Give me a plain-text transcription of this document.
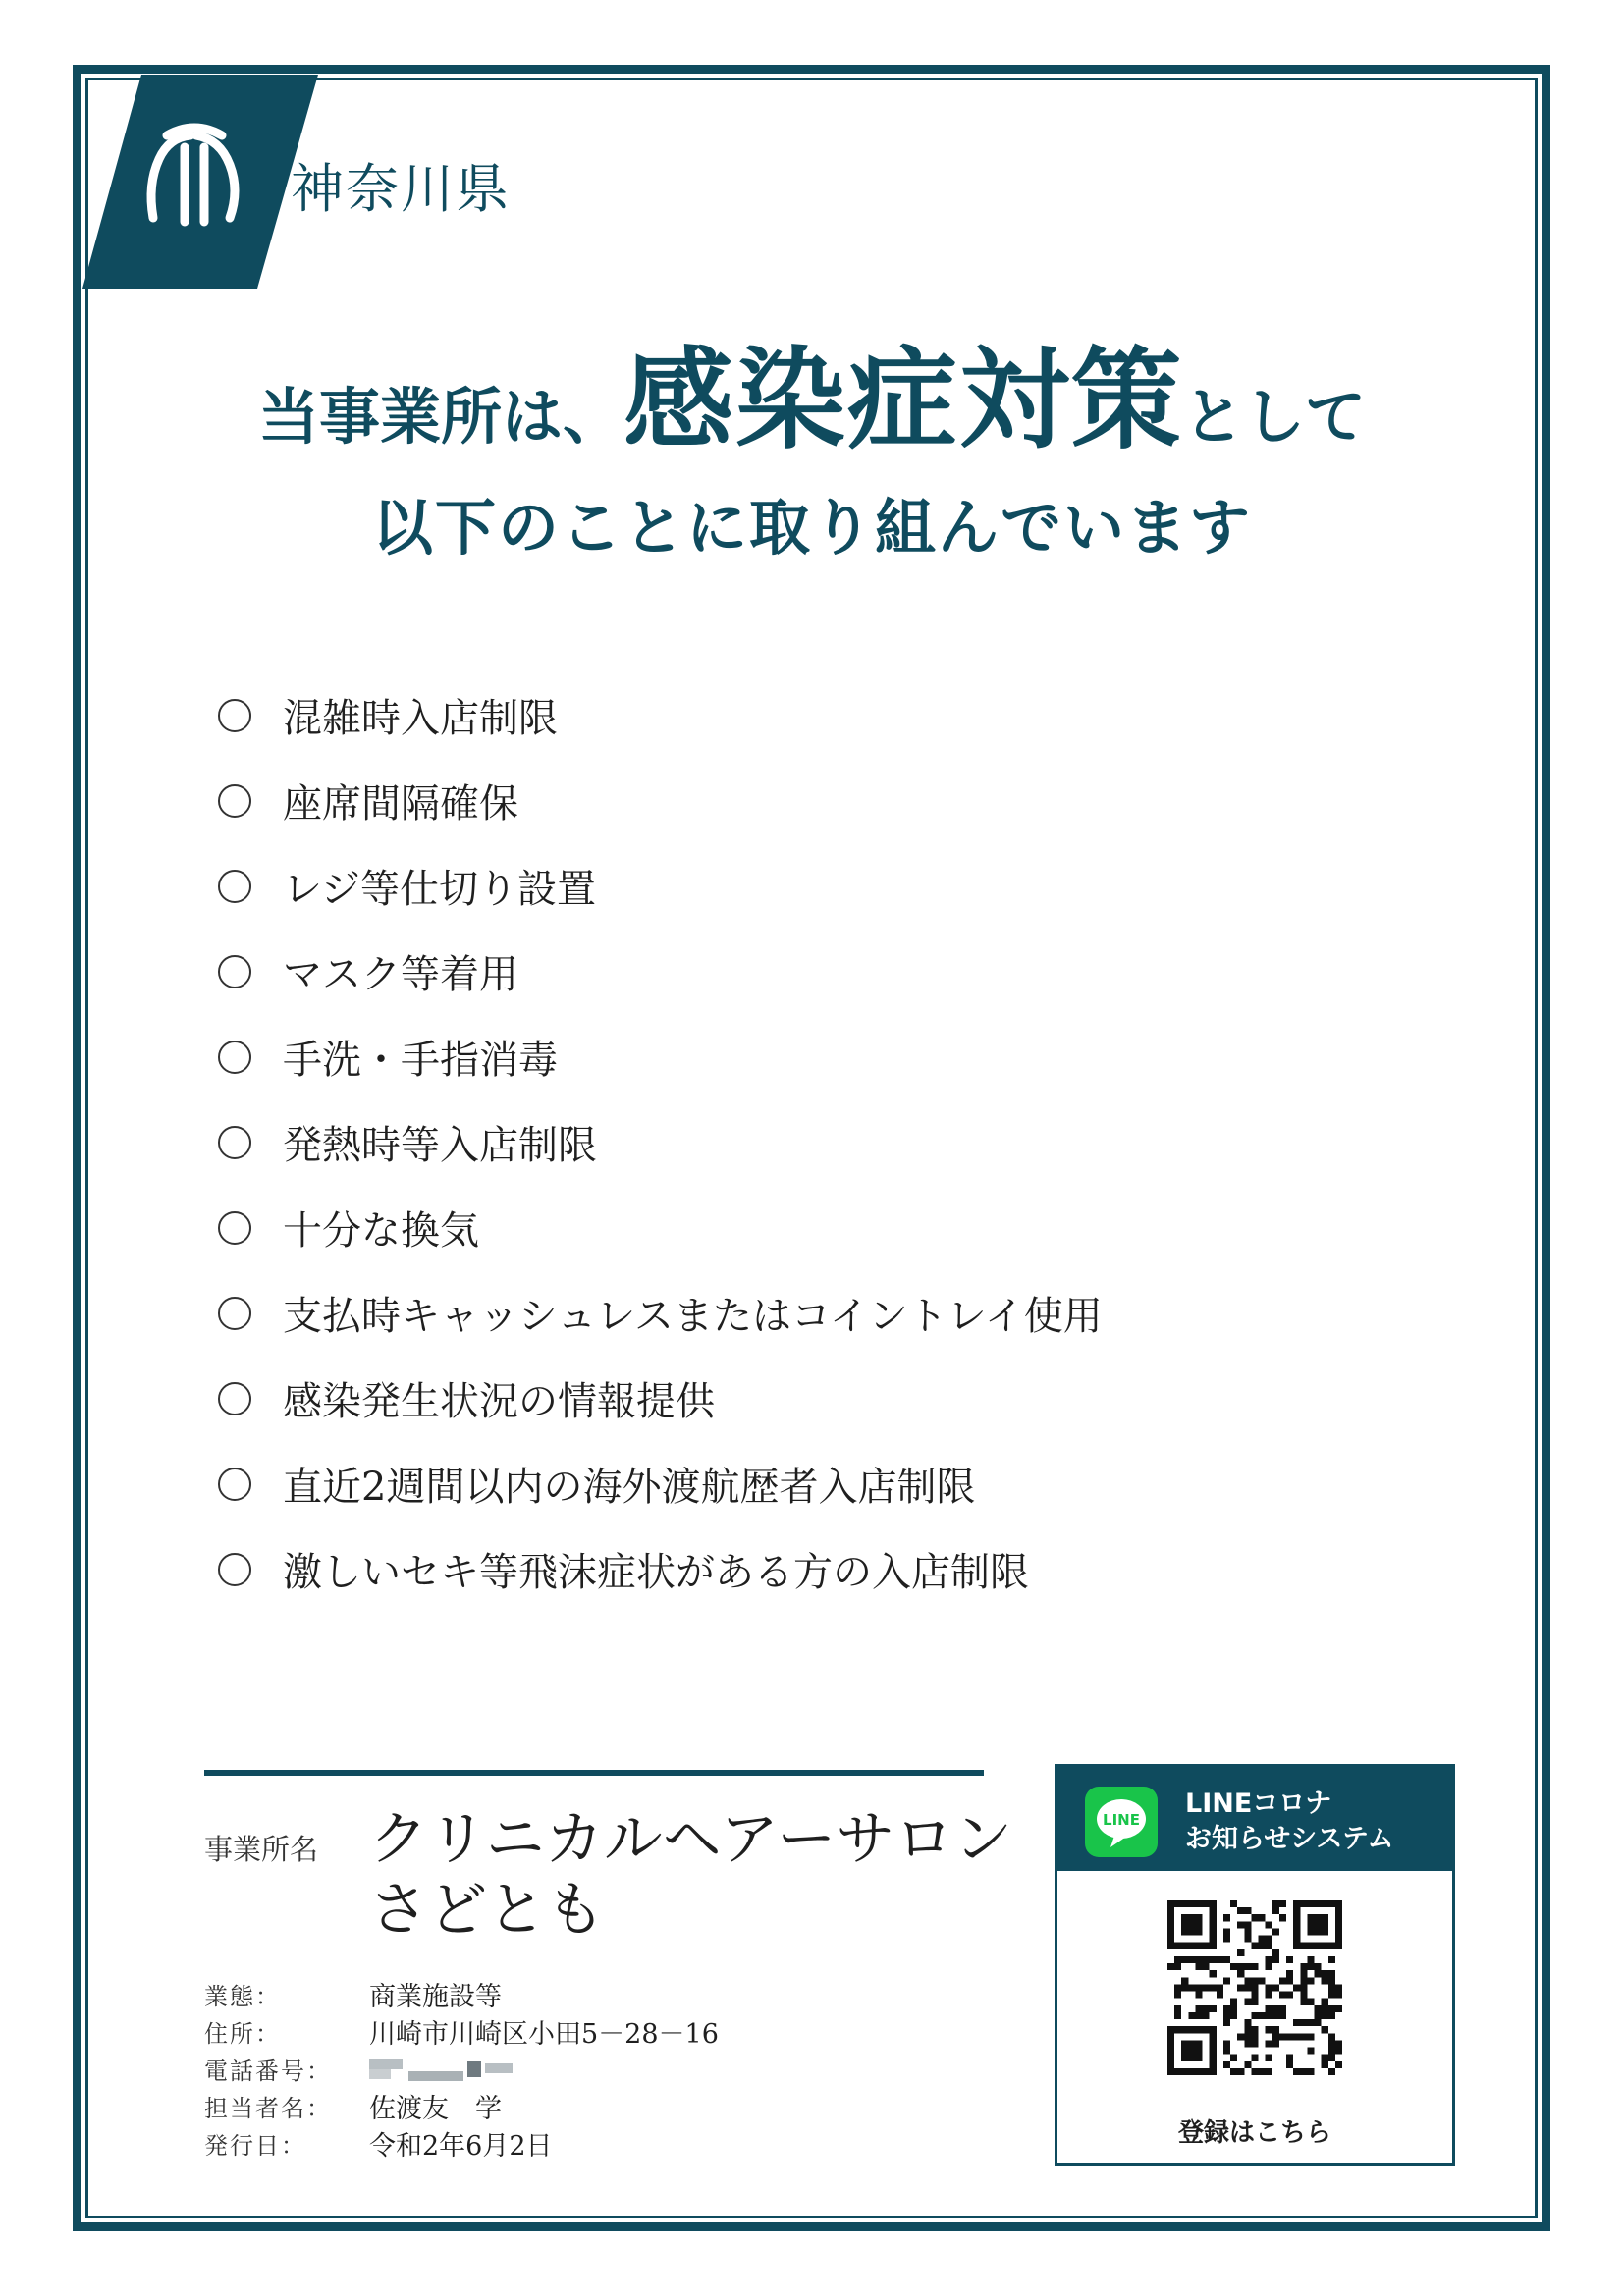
神奈川県
当事業所は、感染症対策として
以下のことに取り組んでいます
混雑時入店制限
座席間隔確保
レジ等仕切り設置
マスク等着用
手洗・手指消毒
発熱時等入店制限
十分な換気
支払時キャッシュレスまたはコイントレイ使用
感染発生状況の情報提供
直近2週間以内の海外渡航歴者入店制限
激しいセキ等飛沫症状がある方の入店制限
事業所名 クリニカルヘアーサロン
さどとも
業態：	商業施設等
住所：	川崎市川崎区小田5－28－16
電話番号：
担当者名：	佐渡友　学
発行日：	令和2年6月2日
LINE
LINEコロナ
お知らせシステム
登録はこちら
